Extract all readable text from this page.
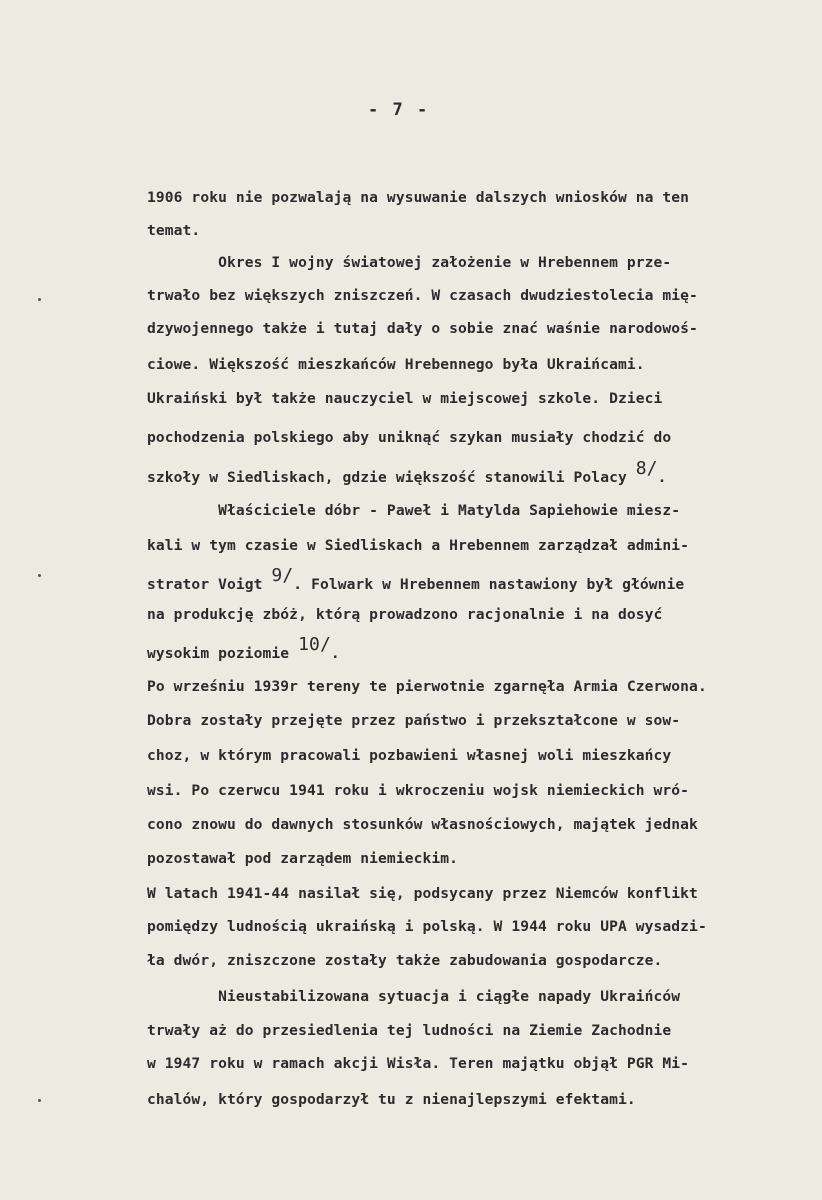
- 7 -
1906 roku nie pozwalają na wysuwanie dalszych wniosków na ten
temat.
Okres I wojny światowej założenie w Hrebennem prze-
trwało bez większych zniszczeń. W czasach dwudziestolecia mię-
dzywojennego także i tutaj dały o sobie znać waśnie narodowoś-
ciowe. Większość mieszkańców Hrebennego była Ukraińcami.
Ukraiński był także nauczyciel w miejscowej szkole. Dzieci
pochodzenia polskiego aby uniknąć szykan musiały chodzić do
szkoły w Siedliskach, gdzie większość stanowili Polacy 8/.
Właściciele dóbr - Paweł i Matylda Sapiehowie miesz-
kali w tym czasie w Siedliskach a Hrebennem zarządzał admini-
strator Voigt 9/. Folwark w Hrebennem nastawiony był głównie
na produkcję zbóż, którą prowadzono racjonalnie i na dosyć
wysokim poziomie 10/.
Po wrześniu 1939r tereny te pierwotnie zgarnęła Armia Czerwona.
Dobra zostały przejęte przez państwo i przekształcone w sow-
choz, w którym pracowali pozbawieni własnej woli mieszkańcy
wsi. Po czerwcu 1941 roku i wkroczeniu wojsk niemieckich wró-
cono znowu do dawnych stosunków własnościowych, majątek jednak
pozostawał pod zarządem niemieckim.
W latach 1941-44 nasilał się, podsycany przez Niemców konflikt
pomiędzy ludnością ukraińską i polską. W 1944 roku UPA wysadzi-
ła dwór, zniszczone zostały także zabudowania gospodarcze.
Nieustabilizowana sytuacja i ciągłe napady Ukraińców
trwały aż do przesiedlenia tej ludności na Ziemie Zachodnie
w 1947 roku w ramach akcji Wisła. Teren majątku objął PGR Mi-
chalów, który gospodarzył tu z nienajlepszymi efektami.
